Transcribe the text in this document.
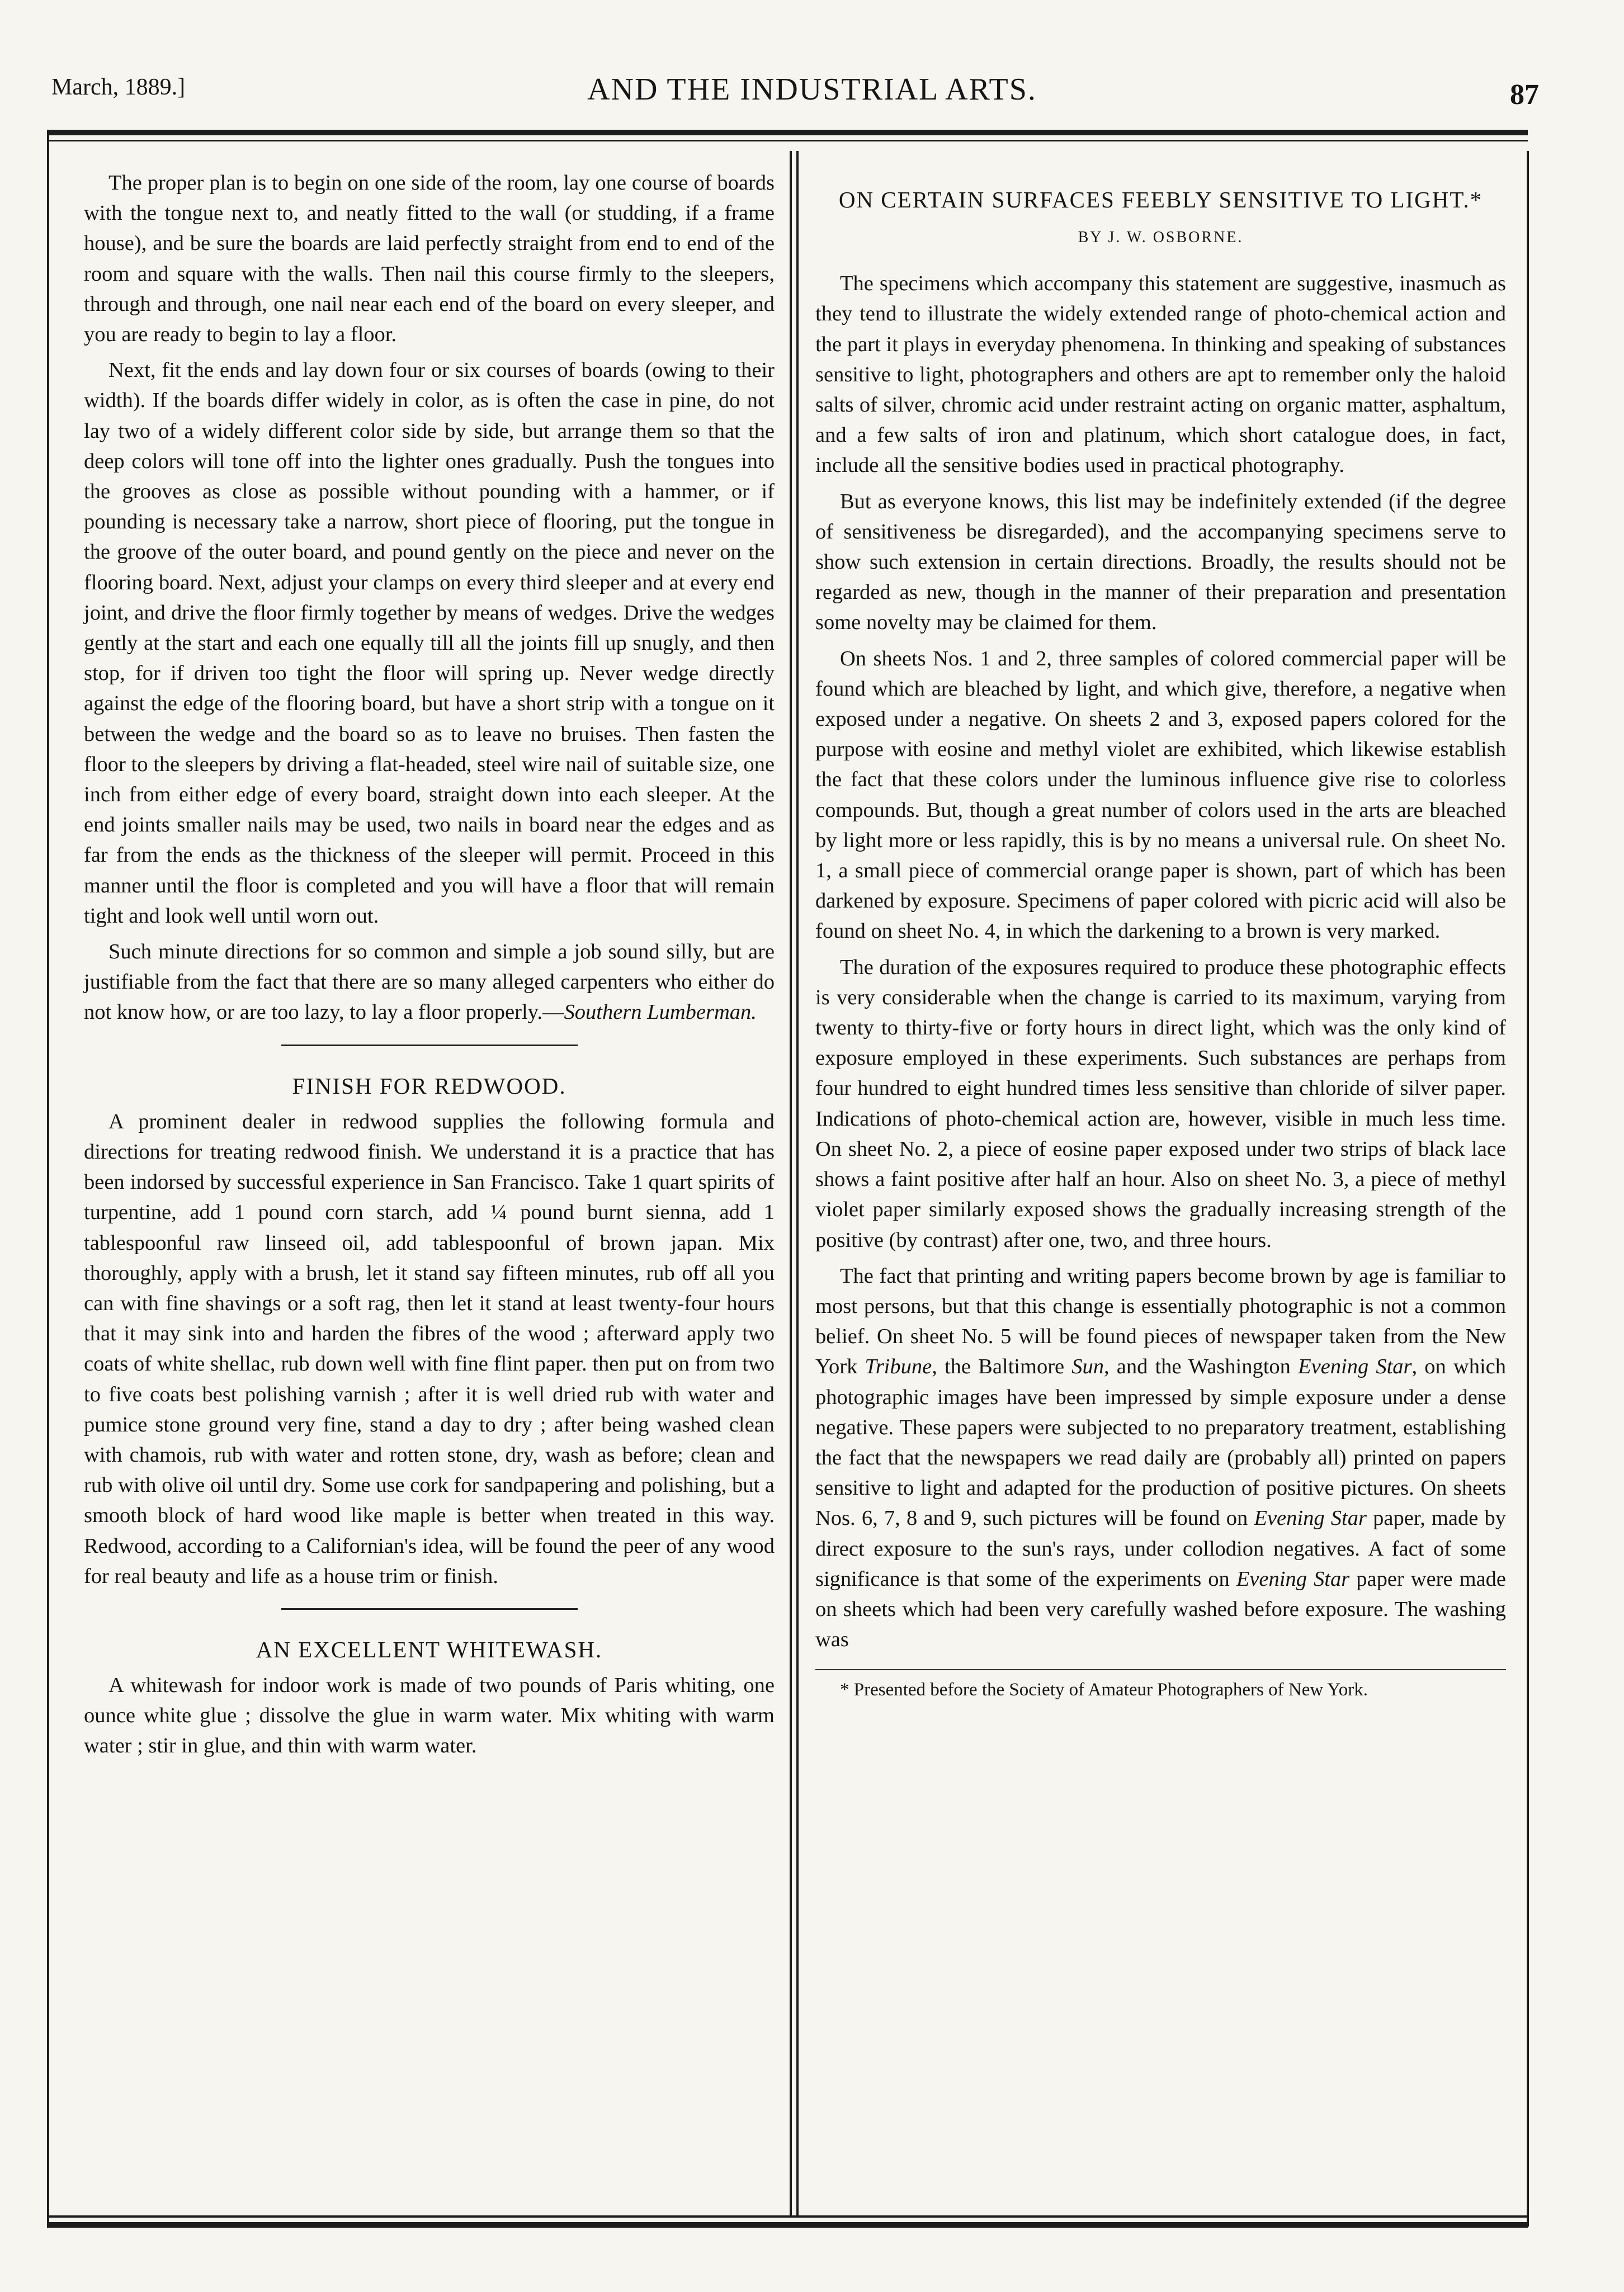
March, 1889.]	AND THE INDUSTRIAL ARTS.	87

The proper plan is to begin on one side of the room, lay one course of boards with the tongue next to, and neatly fitted to the wall (or studding, if a frame house), and be sure the boards are laid perfectly straight from end to end of the room and square with the walls. Then nail this course firmly to the sleepers, through and through, one nail near each end of the board on every sleeper, and you are ready to begin to lay a floor.

Next, fit the ends and lay down four or six courses of boards (owing to their width). If the boards differ widely in color, as is often the case in pine, do not lay two of a widely different color side by side, but arrange them so that the deep colors will tone off into the lighter ones gradually. Push the tongues into the grooves as close as possible without pounding with a hammer, or if pounding is necessary take a narrow, short piece of flooring, put the tongue in the groove of the outer board, and pound gently on the piece and never on the flooring board. Next, adjust your clamps on every third sleeper and at every end joint, and drive the floor firmly together by means of wedges. Drive the wedges gently at the start and each one equally till all the joints fill up snugly, and then stop, for if driven too tight the floor will spring up. Never wedge directly against the edge of the flooring board, but have a short strip with a tongue on it between the wedge and the board so as to leave no bruises. Then fasten the floor to the sleepers by driving a flat-headed, steel wire nail of suitable size, one inch from either edge of every board, straight down into each sleeper. At the end joints smaller nails may be used, two nails in board near the edges and as far from the ends as the thickness of the sleeper will permit. Proceed in this manner until the floor is completed and you will have a floor that will remain tight and look well until worn out.

Such minute directions for so common and simple a job sound silly, but are justifiable from the fact that there are so many alleged carpenters who either do not know how, or are too lazy, to lay a floor properly.—Southern Lumberman.

FINISH FOR REDWOOD.

A prominent dealer in redwood supplies the following formula and directions for treating redwood finish. We understand it is a practice that has been indorsed by successful experience in San Francisco. Take 1 quart spirits of turpentine, add 1 pound corn starch, add ¼ pound burnt sienna, add 1 tablespoonful raw linseed oil, add tablespoonful of brown japan. Mix thoroughly, apply with a brush, let it stand say fifteen minutes, rub off all you can with fine shavings or a soft rag, then let it stand at least twenty-four hours that it may sink into and harden the fibres of the wood ; afterward apply two coats of white shellac, rub down well with fine flint paper. then put on from two to five coats best polishing varnish ; after it is well dried rub with water and pumice stone ground very fine, stand a day to dry ; after being washed clean with chamois, rub with water and rotten stone, dry, wash as before; clean and rub with olive oil until dry. Some use cork for sandpapering and polishing, but a smooth block of hard wood like maple is better when treated in this way. Redwood, according to a Californian's idea, will be found the peer of any wood for real beauty and life as a house trim or finish.

AN EXCELLENT WHITEWASH.

A whitewash for indoor work is made of two pounds of Paris whiting, one ounce white glue ; dissolve the glue in warm water. Mix whiting with warm water ; stir in glue, and thin with warm water.

ON CERTAIN SURFACES FEEBLY SENSITIVE TO LIGHT.*
BY J. W. OSBORNE.

The specimens which accompany this statement are suggestive, inasmuch as they tend to illustrate the widely extended range of photo-chemical action and the part it plays in everyday phenomena. In thinking and speaking of substances sensitive to light, photographers and others are apt to remember only the haloid salts of silver, chromic acid under restraint acting on organic matter, asphaltum, and a few salts of iron and platinum, which short catalogue does, in fact, include all the sensitive bodies used in practical photography.

But as everyone knows, this list may be indefinitely extended (if the degree of sensitiveness be disregarded), and the accompanying specimens serve to show such extension in certain directions. Broadly, the results should not be regarded as new, though in the manner of their preparation and presentation some novelty may be claimed for them.

On sheets Nos. 1 and 2, three samples of colored commercial paper will be found which are bleached by light, and which give, therefore, a negative when exposed under a negative. On sheets 2 and 3, exposed papers colored for the purpose with eosine and methyl violet are exhibited, which likewise establish the fact that these colors under the luminous influence give rise to colorless compounds. But, though a great number of colors used in the arts are bleached by light more or less rapidly, this is by no means a universal rule. On sheet No. 1, a small piece of commercial orange paper is shown, part of which has been darkened by exposure. Specimens of paper colored with picric acid will also be found on sheet No. 4, in which the darkening to a brown is very marked.

The duration of the exposures required to produce these photographic effects is very considerable when the change is carried to its maximum, varying from twenty to thirty-five or forty hours in direct light, which was the only kind of exposure employed in these experiments. Such substances are perhaps from four hundred to eight hundred times less sensitive than chloride of silver paper. Indications of photo-chemical action are, however, visible in much less time. On sheet No. 2, a piece of eosine paper exposed under two strips of black lace shows a faint positive after half an hour. Also on sheet No. 3, a piece of methyl violet paper similarly exposed shows the gradually increasing strength of the positive (by contrast) after one, two, and three hours.

The fact that printing and writing papers become brown by age is familiar to most persons, but that this change is essentially photographic is not a common belief. On sheet No. 5 will be found pieces of newspaper taken from the New York Tribune, the Baltimore Sun, and the Washington Evening Star, on which photographic images have been impressed by simple exposure under a dense negative. These papers were subjected to no preparatory treatment, establishing the fact that the newspapers we read daily are (probably all) printed on papers sensitive to light and adapted for the production of positive pictures. On sheets Nos. 6, 7, 8 and 9, such pictures will be found on Evening Star paper, made by direct exposure to the sun's rays, under collodion negatives. A fact of some significance is that some of the experiments on Evening Star paper were made on sheets which had been very carefully washed before exposure. The washing was

* Presented before the Society of Amateur Photographers of New York.
